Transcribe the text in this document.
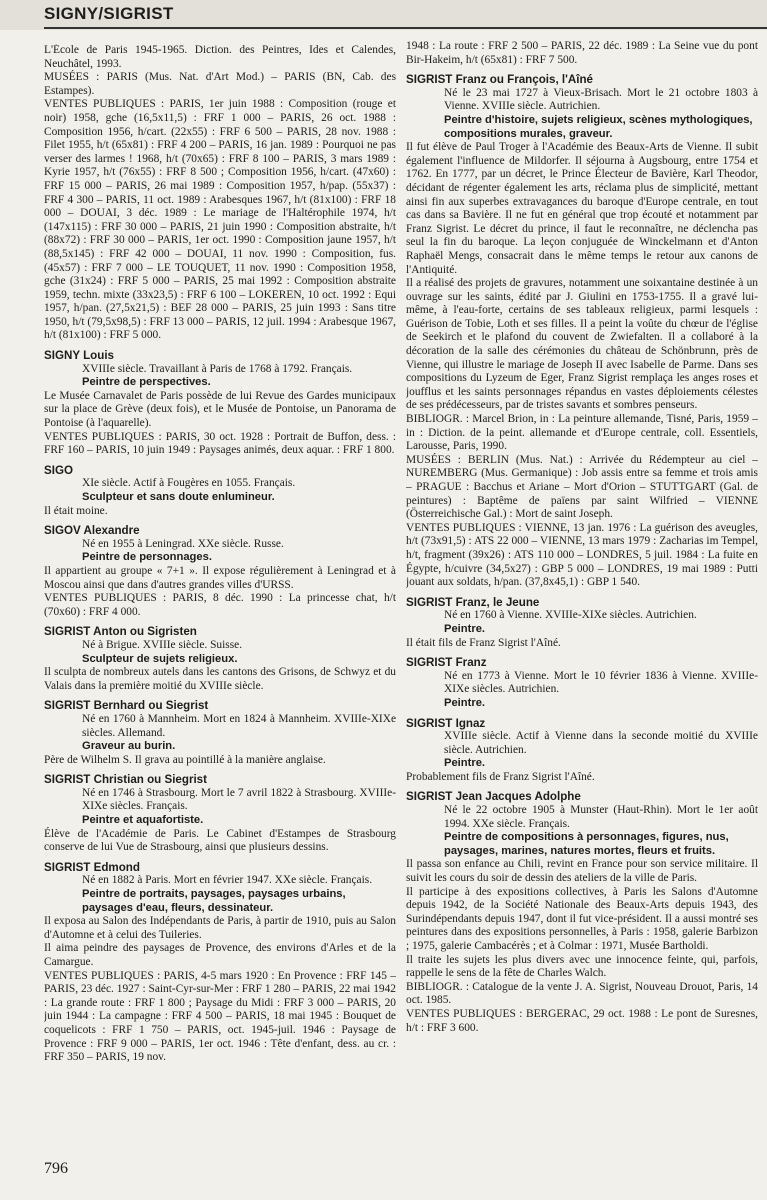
SIGNY/SIGRIST

L'École de Paris 1945-1965. Diction. des Peintres, Ides et Calendes, Neuchâtel, 1993.

MUSÉES : PARIS (Mus. Nat. d'Art Mod.) – PARIS (BN, Cab. des Estampes).

VENTES PUBLIQUES : PARIS, 1er juin 1988 : Composition (rouge et noir) 1958, gche (16,5x11,5) : FRF 1 000 – PARIS, 26 oct. 1988 : Composition 1956, h/cart. (22x55) : FRF 6 500 – PARIS, 28 nov. 1988 : Filet 1955, h/t (65x81) : FRF 4 200 – PARIS, 16 jan. 1989 : Pourquoi ne pas verser des larmes ! 1968, h/t (70x65) : FRF 8 100 – PARIS, 3 mars 1989 : Kyrie 1957, h/t (76x55) : FRF 8 500 ; Composition 1956, h/cart. (47x60) : FRF 15 000 – PARIS, 26 mai 1989 : Composition 1957, h/pap. (55x37) : FRF 4 300 – PARIS, 11 oct. 1989 : Arabesques 1967, h/t (81x100) : FRF 18 000 – DOUAI, 3 déc. 1989 : Le mariage de l'Haltérophile 1974, h/t (147x115) : FRF 30 000 – PARIS, 21 juin 1990 : Composition abstraite, h/t (88x72) : FRF 30 000 – PARIS, 1er oct. 1990 : Composition jaune 1957, h/t (88,5x145) : FRF 42 000 – DOUAI, 11 nov. 1990 : Composition, fus. (45x57) : FRF 7 000 – LE TOUQUET, 11 nov. 1990 : Composition 1958, gche (31x24) : FRF 5 000 – PARIS, 25 mai 1992 : Composition abstraite 1959, techn. mixte (33x23,5) : FRF 6 100 – LOKEREN, 10 oct. 1992 : Equi 1957, h/pan. (27,5x21,5) : BEF 28 000 – PARIS, 25 juin 1993 : Sans titre 1950, h/t (79,5x98,5) : FRF 13 000 – PARIS, 12 juil. 1994 : Arabesque 1967, h/t (81x100) : FRF 5 000.

SIGNY Louis

XVIIIe siècle. Travaillant à Paris de 1768 à 1792. Français.

Peintre de perspectives.

Le Musée Carnavalet de Paris possède de lui Revue des Gardes municipaux sur la place de Grève (deux fois), et le Musée de Pontoise, un Panorama de Pontoise (à l'aquarelle).

VENTES PUBLIQUES : PARIS, 30 oct. 1928 : Portrait de Buffon, dess. : FRF 160 – PARIS, 10 juin 1949 : Paysages animés, deux aquar. : FRF 1 800.

SIGO

XIe siècle. Actif à Fougères en 1055. Français.

Sculpteur et sans doute enlumineur.

Il était moine.

SIGOV Alexandre

Né en 1955 à Leningrad. XXe siècle. Russe.

Peintre de personnages.

Il appartient au groupe « 7+1 ». Il expose régulièrement à Leningrad et à Moscou ainsi que dans d'autres grandes villes d'URSS.

VENTES PUBLIQUES : PARIS, 8 déc. 1990 : La princesse chat, h/t (70x60) : FRF 4 000.

SIGRIST Anton ou Sigristen

Né à Brigue. XVIIIe siècle. Suisse.

Sculpteur de sujets religieux.

Il sculpta de nombreux autels dans les cantons des Grisons, de Schwyz et du Valais dans la première moitié du XVIIIe siècle.

SIGRIST Bernhard ou Siegrist

Né en 1760 à Mannheim. Mort en 1824 à Mannheim. XVIIIe-XIXe siècles. Allemand.

Graveur au burin.

Père de Wilhelm S. Il grava au pointillé à la manière anglaise.

SIGRIST Christian ou Siegrist

Né en 1746 à Strasbourg. Mort le 7 avril 1822 à Strasbourg. XVIIIe-XIXe siècles. Français.

Peintre et aquafortiste.

Élève de l'Académie de Paris. Le Cabinet d'Estampes de Strasbourg conserve de lui Vue de Strasbourg, ainsi que plusieurs dessins.

SIGRIST Edmond

Né en 1882 à Paris. Mort en février 1947. XXe siècle. Français.

Peintre de portraits, paysages, paysages urbains, paysages d'eau, fleurs, dessinateur.

Il exposa au Salon des Indépendants de Paris, à partir de 1910, puis au Salon d'Automne et à celui des Tuileries.

Il aima peindre des paysages de Provence, des environs d'Arles et de la Camargue.

VENTES PUBLIQUES : PARIS, 4-5 mars 1920 : En Provence : FRF 145 – PARIS, 23 déc. 1927 : Saint-Cyr-sur-Mer : FRF 1 280 – PARIS, 22 mai 1942 : La grande route : FRF 1 800 ; Paysage du Midi : FRF 3 000 – PARIS, 20 juin 1944 : La campagne : FRF 4 500 – PARIS, 18 mai 1945 : Bouquet de coquelicots : FRF 1 750 – PARIS, oct. 1945-juil. 1946 : Paysage de Provence : FRF 9 000 – PARIS, 1er oct. 1946 : Tête d'enfant, dess. au cr. : FRF 350 – PARIS, 19 nov.

1948 : La route : FRF 2 500 – PARIS, 22 déc. 1989 : La Seine vue du pont Bir-Hakeim, h/t (65x81) : FRF 7 500.

SIGRIST Franz ou François, l'Aîné

Né le 23 mai 1727 à Vieux-Brisach. Mort le 21 octobre 1803 à Vienne. XVIIIe siècle. Autrichien.

Peintre d'histoire, sujets religieux, scènes mythologiques, compositions murales, graveur.

Il fut élève de Paul Troger à l'Académie des Beaux-Arts de Vienne. Il subit également l'influence de Mildorfer. Il séjourna à Augsbourg, entre 1754 et 1762. En 1777, par un décret, le Prince Électeur de Bavière, Karl Theodor, décidant de régenter également les arts, réclama plus de simplicité, mettant ainsi fin aux superbes extravagances du baroque d'Europe centrale, en tout cas dans sa Bavière. Il ne fut en général que trop écouté et notamment par Franz Sigrist. Le décret du prince, il faut le reconnaître, ne déclencha pas seul la fin du baroque. La leçon conjuguée de Winckelmann et d'Anton Raphaël Mengs, consacrait dans le même temps le retour aux canons de l'Antiquité.

Il a réalisé des projets de gravures, notamment une soixantaine destinée à un ouvrage sur les saints, édité par J. Giulini en 1753-1755. Il a gravé lui-même, à l'eau-forte, certains de ses tableaux religieux, parmi lesquels : Guérison de Tobie, Loth et ses filles. Il a peint la voûte du chœur de l'église de Seekirch et le plafond du couvent de Zwiefalten. Il a collaboré à la décoration de la salle des cérémonies du château de Schönbrunn, près de Vienne, qui illustre le mariage de Joseph II avec Isabelle de Parme. Dans ses compositions du Lyzeum de Eger, Franz Sigrist remplaça les anges roses et joufflus et les saints personnages répandus en vastes déploiements célestes de ses prédécesseurs, par de tristes savants et sombres penseurs.

BIBLIOGR. : Marcel Brion, in : La peinture allemande, Tisné, Paris, 1959 – in : Diction. de la peint. allemande et d'Europe centrale, coll. Essentiels, Larousse, Paris, 1990.

MUSÉES : BERLIN (Mus. Nat.) : Arrivée du Rédempteur au ciel – NUREMBERG (Mus. Germanique) : Job assis entre sa femme et trois amis – PRAGUE : Bacchus et Ariane – Mort d'Orion – STUTTGART (Gal. de peintures) : Baptême de païens par saint Wilfried – VIENNE (Österreichische Gal.) : Mort de saint Joseph.

VENTES PUBLIQUES : VIENNE, 13 jan. 1976 : La guérison des aveugles, h/t (73x91,5) : ATS 22 000 – VIENNE, 13 mars 1979 : Zacharias im Tempel, h/t, fragment (39x26) : ATS 110 000 – LONDRES, 5 juil. 1984 : La fuite en Égypte, h/cuivre (34,5x27) : GBP 5 000 – LONDRES, 19 mai 1989 : Putti jouant aux soldats, h/pan. (37,8x45,1) : GBP 1 540.

SIGRIST Franz, le Jeune

Né en 1760 à Vienne. XVIIIe-XIXe siècles. Autrichien.

Peintre.

Il était fils de Franz Sigrist l'Aîné.

SIGRIST Franz

Né en 1773 à Vienne. Mort le 10 février 1836 à Vienne. XVIIIe-XIXe siècles. Autrichien.

Peintre.

SIGRIST Ignaz

XVIIIe siècle. Actif à Vienne dans la seconde moitié du XVIIIe siècle. Autrichien.

Peintre.

Probablement fils de Franz Sigrist l'Aîné.

SIGRIST Jean Jacques Adolphe

Né le 22 octobre 1905 à Munster (Haut-Rhin). Mort le 1er août 1994. XXe siècle. Français.

Peintre de compositions à personnages, figures, nus, paysages, marines, natures mortes, fleurs et fruits.

Il passa son enfance au Chili, revint en France pour son service militaire. Il suivit les cours du soir de dessin des ateliers de la ville de Paris.

Il participe à des expositions collectives, à Paris les Salons d'Automne depuis 1942, de la Société Nationale des Beaux-Arts depuis 1943, des Surindépendants depuis 1947, dont il fut vice-président. Il a aussi montré ses peintures dans des expositions personnelles, à Paris : 1958, galerie Barbizon ; 1975, galerie Cambacérès ; et à Colmar : 1971, Musée Bartholdi.

Il traite les sujets les plus divers avec une innocence feinte, qui, parfois, rappelle le sens de la fête de Charles Walch.

BIBLIOGR. : Catalogue de la vente J. A. Sigrist, Nouveau Drouot, Paris, 14 oct. 1985.

VENTES PUBLIQUES : BERGERAC, 29 oct. 1988 : Le pont de Suresnes, h/t : FRF 3 600.

796
